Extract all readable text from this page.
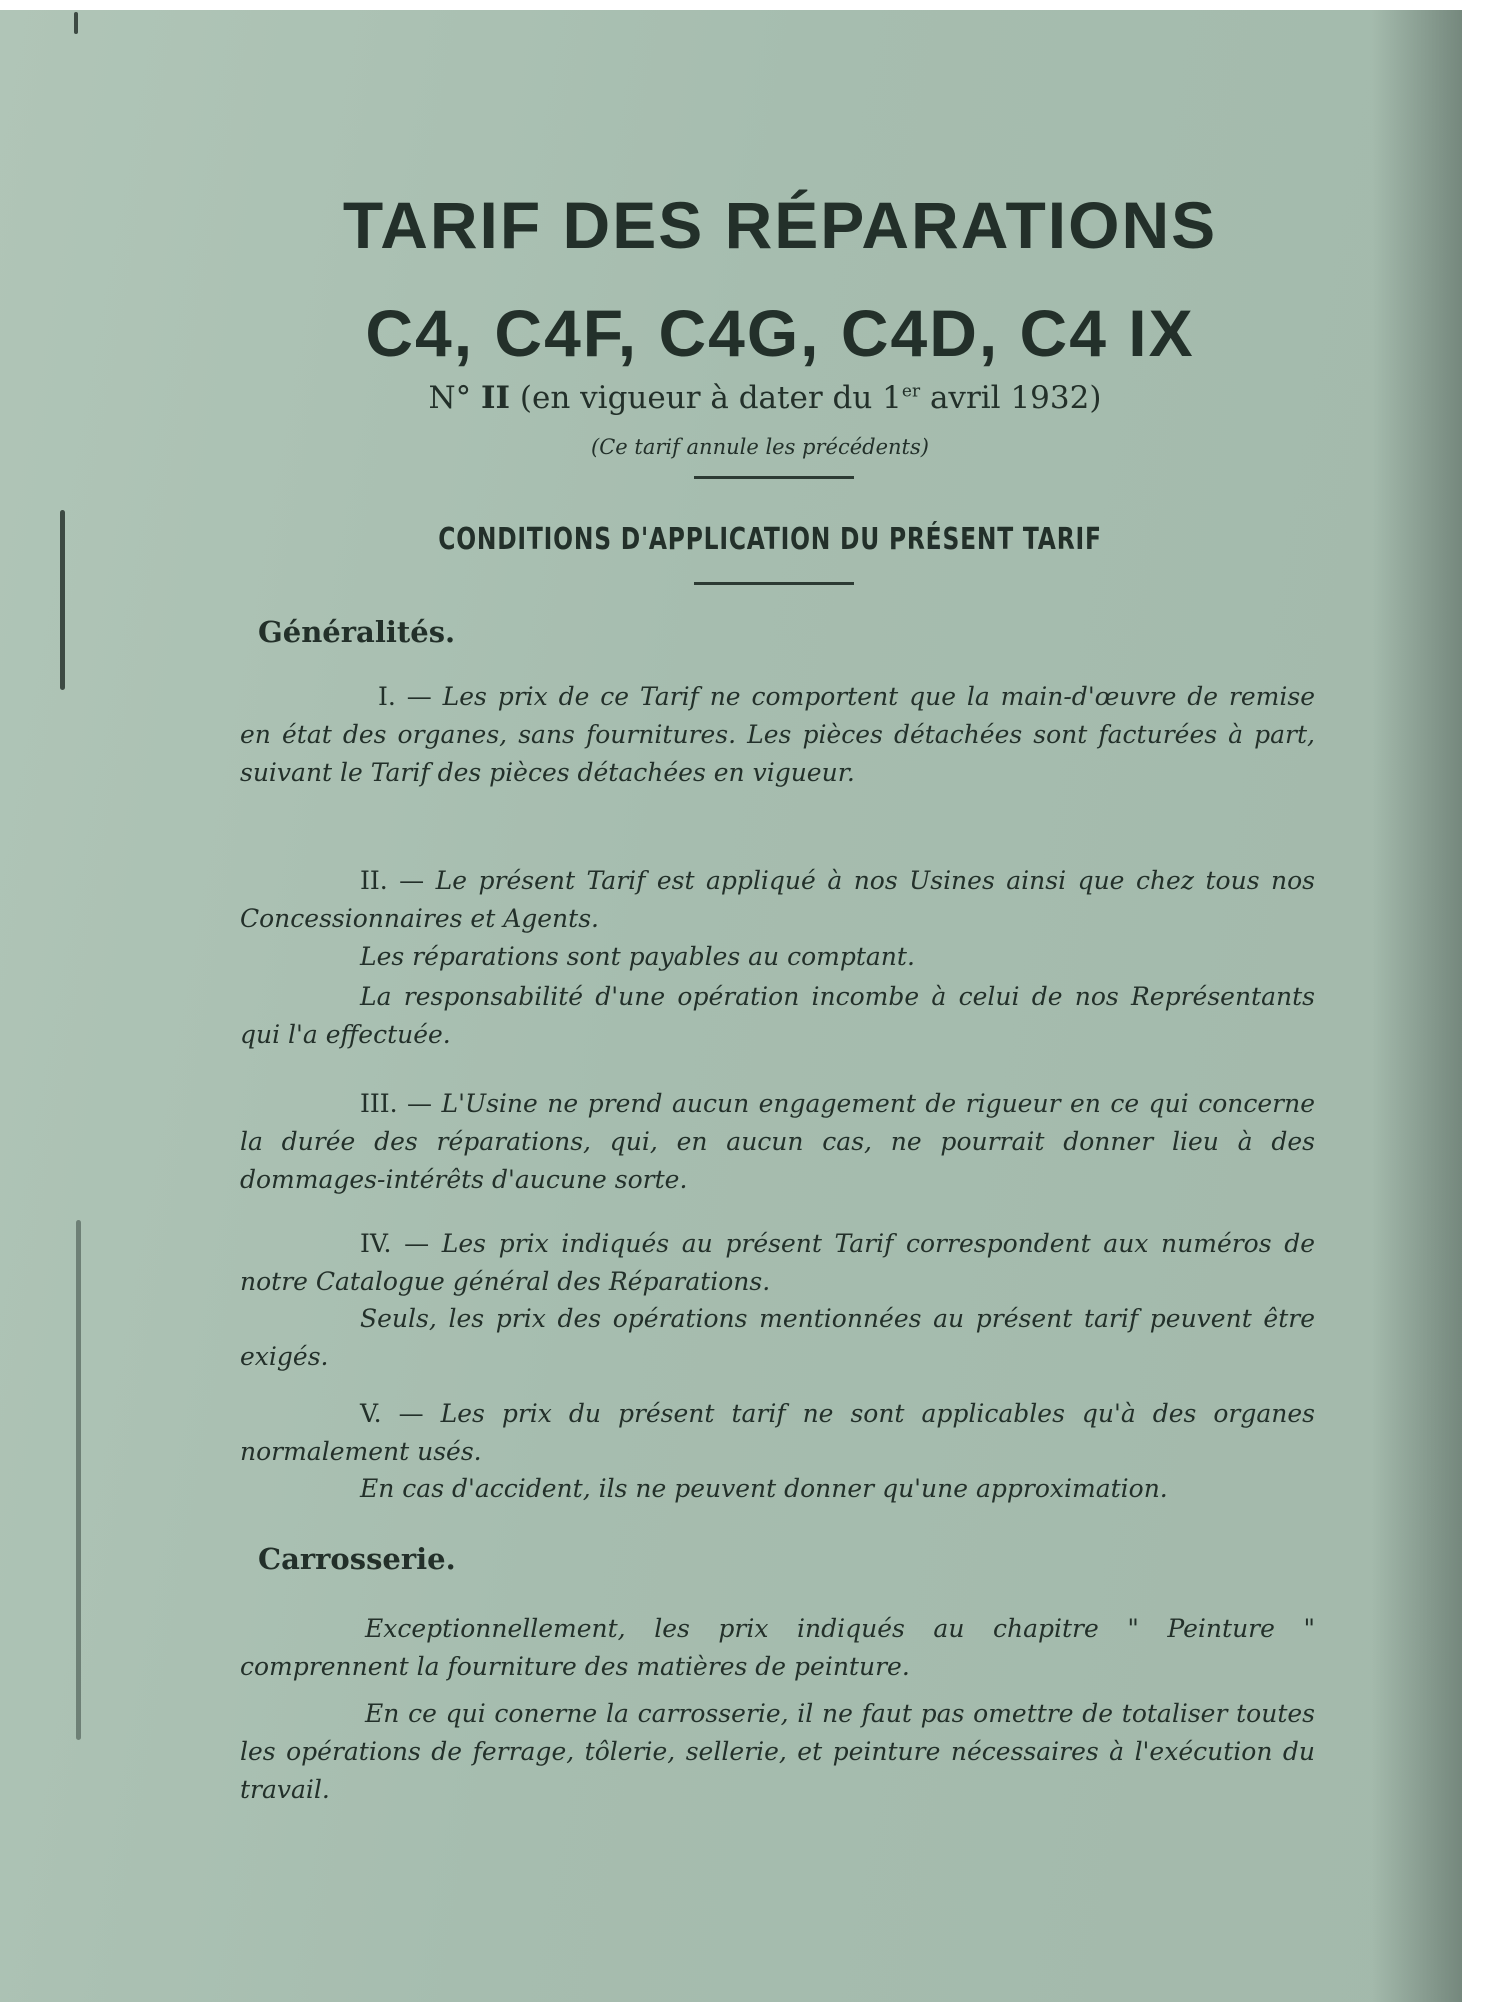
TARIF DES RÉPARATIONS
C4, C4F, C4G, C4D, C4 IX
N° II (en vigueur à dater du 1er avril 1932)
(Ce tarif annule les précédents)
CONDITIONS D'APPLICATION DU PRÉSENT TARIF
Généralités.
I. — Les prix de ce Tarif ne comportent que la main-d'œuvre de remise en état des organes, sans fournitures. Les pièces détachées sont facturées à part, suivant le Tarif des pièces détachées en vigueur.
II. — Le présent Tarif est appliqué à nos Usines ainsi que chez tous nos Concessionnaires et Agents.
Les réparations sont payables au comptant.
La responsabilité d'une opération incombe à celui de nos Représentants qui l'a effectuée.
III. — L'Usine ne prend aucun engagement de rigueur en ce qui concerne la durée des réparations, qui, en aucun cas, ne pourrait donner lieu à des dommages-intérêts d'aucune sorte.
IV. — Les prix indiqués au présent Tarif correspondent aux numéros de notre Catalogue général des Réparations.
Seuls, les prix des opérations mentionnées au présent tarif peuvent être exigés.
V. — Les prix du présent tarif ne sont applicables qu'à des organes normalement usés.
En cas d'accident, ils ne peuvent donner qu'une approximation.
Carrosserie.
Exceptionnellement, les prix indiqués au chapitre " Peinture " comprennent la fourniture des matières de peinture.
En ce qui conerne la carrosserie, il ne faut pas omettre de totaliser toutes les opérations de ferrage, tôlerie, sellerie, et peinture nécessaires à l'exécution du travail.
